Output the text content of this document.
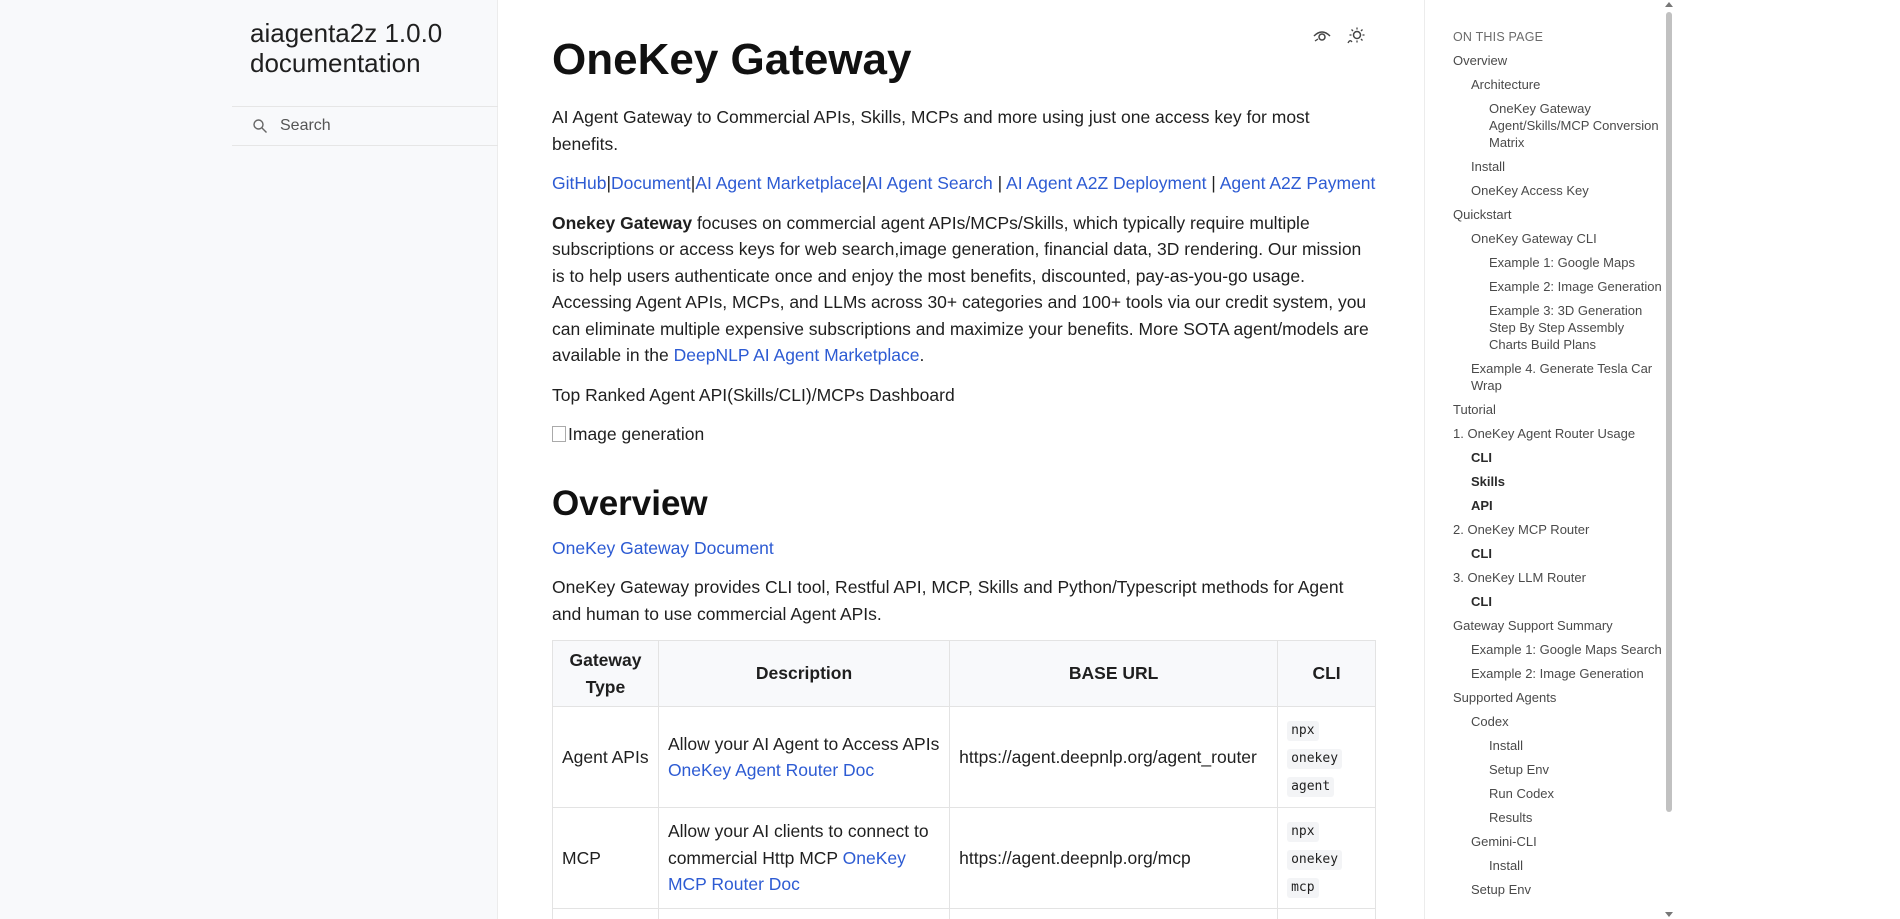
aiagenta2z 1.0.0 documentation
Search	OneKey Gateway

AI Agent Gateway to Commercial APIs, Skills, MCPs and more using just one access key for most benefits.

GitHub|Document|AI Agent Marketplace|AI Agent Search | AI Agent A2Z Deployment | Agent A2Z Payment

Onekey Gateway focuses on commercial agent APIs/MCPs/Skills, which typically require multiple subscriptions or access keys for web search,image generation, financial data, 3D rendering. Our mission is to help users authenticate once and enjoy the most benefits, discounted, pay-as-you-go usage. Accessing Agent APIs, MCPs, and LLMs across 30+ categories and 100+ tools via our credit system, you can eliminate multiple expensive subscriptions and maximize your benefits. More SOTA agent/models are available in the DeepNLP AI Agent Marketplace.

Top Ranked Agent API(Skills/CLI)/MCPs Dashboard

Image generation

Overview

OneKey Gateway Document

OneKey Gateway provides CLI tool, Restful API, MCP, Skills and Python/Typescript methods for Agent and human to use commercial Agent APIs.

Gateway Type	Description	BASE URL	CLI
Agent APIs	Allow your AI Agent to Access APIs OneKey Agent Router Doc	https://agent.deepnlp.org/agent_router	npx
onekey
agent
MCP	Allow your AI clients to connect to commercial Http MCP OneKey MCP Router Doc	https://agent.deepnlp.org/mcp	npx
onekey
mcp

ON THIS PAGE
Overview
Architecture
OneKey Gateway Agent/Skills/MCP Conversion Matrix
Install
OneKey Access Key
Quickstart
OneKey Gateway CLI
Example 1: Google Maps
Example 2: Image Generation
Example 3: 3D Generation Step By Step Assembly Charts Build Plans
Example 4. Generate Tesla Car Wrap
Tutorial
1. OneKey Agent Router Usage
CLI
Skills
API
2. OneKey MCP Router
CLI
3. OneKey LLM Router
CLI
Gateway Support Summary
Example 1: Google Maps Search
Example 2: Image Generation
Supported Agents
Codex
Install
Setup Env
Run Codex
Results
Gemini-CLI
Install
Setup Env
